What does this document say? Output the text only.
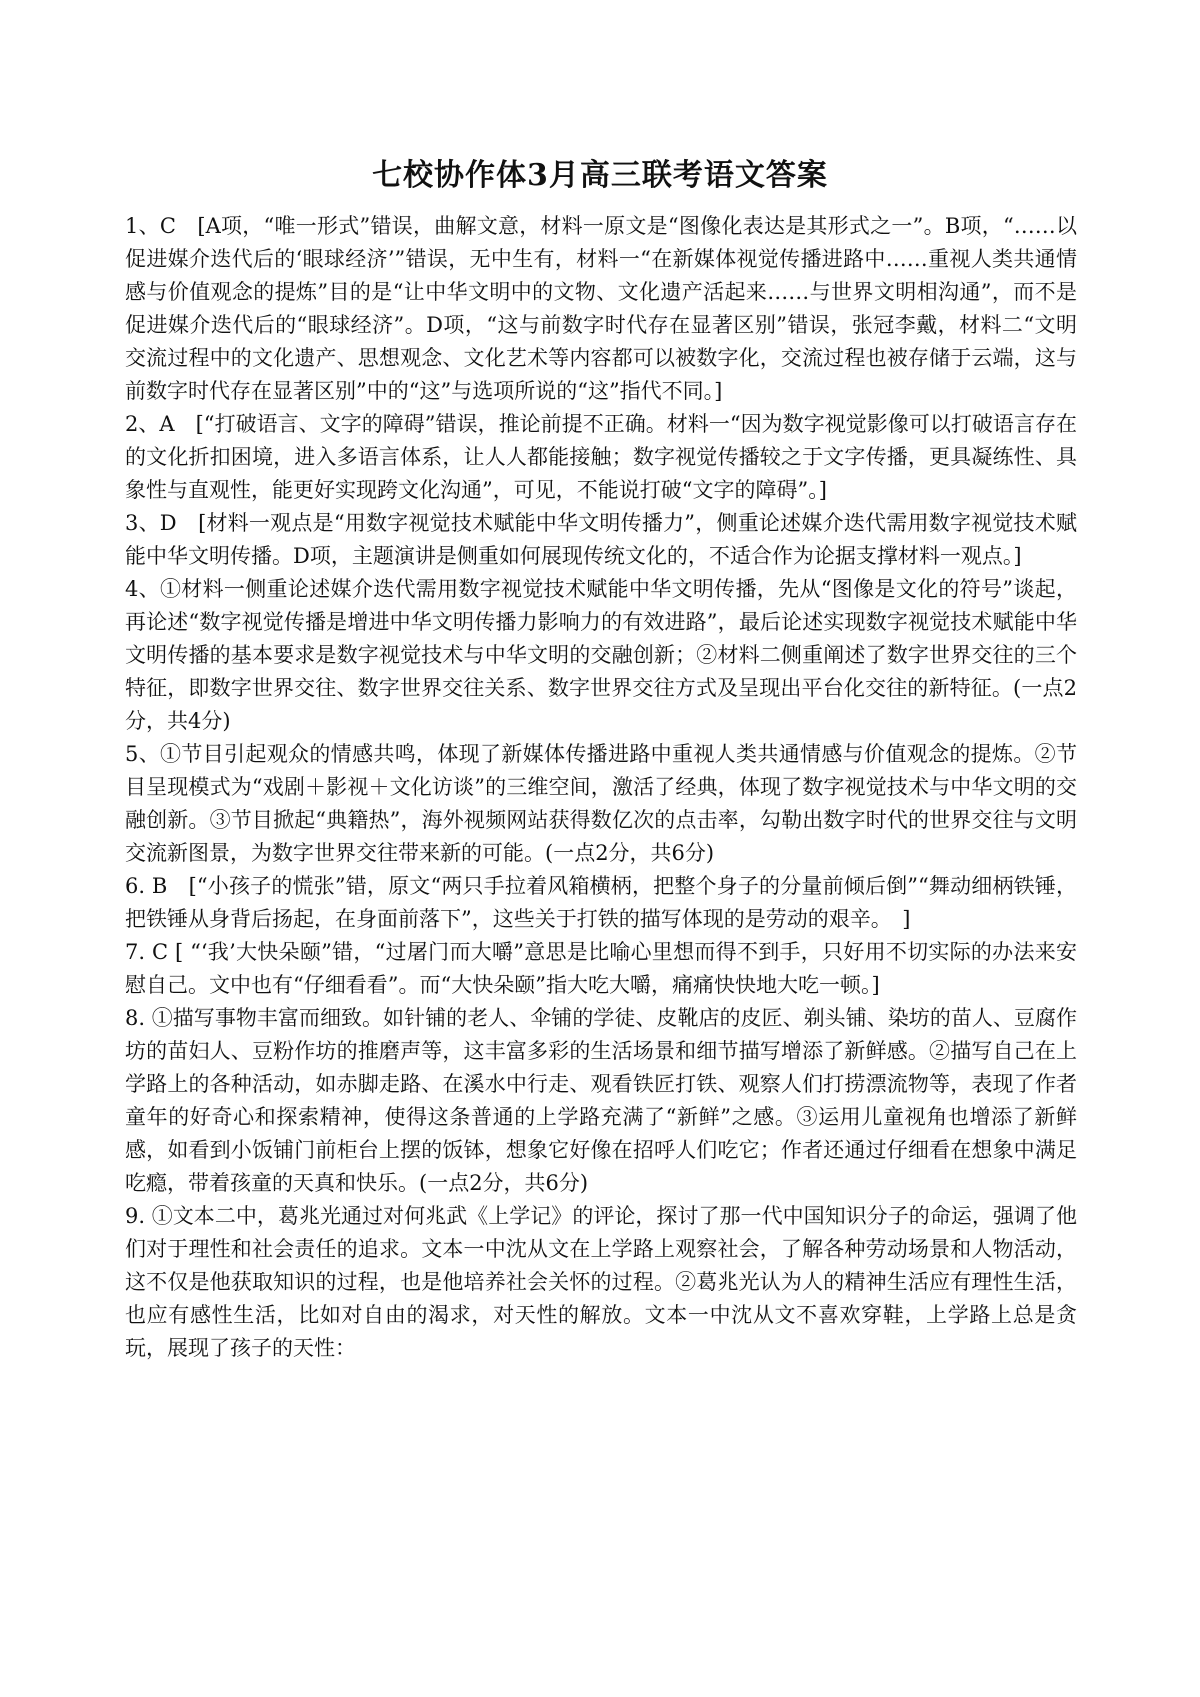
七校协作体3月高三联考语文答案

1、C　[A项，“唯一形式”错误，曲解文意，材料一原文是“图像化表达是其形式之一”。B项，“……以促进媒介迭代后的‘眼球经济’”错误，无中生有，材料一“在新媒体视觉传播进路中……重视人类共通情感与价值观念的提炼”目的是“让中华文明中的文物、文化遗产活起来……与世界文明相沟通”，而不是促进媒介迭代后的“眼球经济”。D项，“这与前数字时代存在显著区别”错误，张冠李戴，材料二“文明交流过程中的文化遗产、思想观念、文化艺术等内容都可以被数字化，交流过程也被存储于云端，这与前数字时代存在显著区别”中的“这”与选项所说的“这”指代不同。]

2、A　[“打破语言、文字的障碍”错误，推论前提不正确。材料一“因为数字视觉影像可以打破语言存在的文化折扣困境，进入多语言体系，让人人都能接触；数字视觉传播较之于文字传播，更具凝练性、具象性与直观性，能更好实现跨文化沟通”，可见，不能说打破“文字的障碍”。]

3、D　[材料一观点是“用数字视觉技术赋能中华文明传播力”，侧重论述媒介迭代需用数字视觉技术赋能中华文明传播。D项，主题演讲是侧重如何展现传统文化的，不适合作为论据支撑材料一观点。]

4、①材料一侧重论述媒介迭代需用数字视觉技术赋能中华文明传播，先从“图像是文化的符号”谈起，再论述“数字视觉传播是增进中华文明传播力影响力的有效进路”，最后论述实现数字视觉技术赋能中华文明传播的基本要求是数字视觉技术与中华文明的交融创新；②材料二侧重阐述了数字世界交往的三个特征，即数字世界交往、数字世界交往关系、数字世界交往方式及呈现出平台化交往的新特征。(一点2分，共4分)

5、①节目引起观众的情感共鸣，体现了新媒体传播进路中重视人类共通情感与价值观念的提炼。②节目呈现模式为“戏剧＋影视＋文化访谈”的三维空间，激活了经典，体现了数字视觉技术与中华文明的交融创新。③节目掀起“典籍热”，海外视频网站获得数亿次的点击率，勾勒出数字时代的世界交往与文明交流新图景，为数字世界交往带来新的可能。(一点2分，共6分)

6. B　[“小孩子的慌张”错，原文“两只手拉着风箱横柄，把整个身子的分量前倾后倒”“舞动细柄铁锤，把铁锤从身背后扬起，在身面前落下”，这些关于打铁的描写体现的是劳动的艰辛。　]

7. C [ “‘我’大快朵颐”错，“过屠门而大嚼”意思是比喻心里想而得不到手，只好用不切实际的办法来安慰自己。文中也有“仔细看看”。而“大快朵颐”指大吃大嚼，痛痛快快地大吃一顿。]

8. ①描写事物丰富而细致。如针铺的老人、伞铺的学徒、皮靴店的皮匠、剃头铺、染坊的苗人、豆腐作坊的苗妇人、豆粉作坊的推磨声等，这丰富多彩的生活场景和细节描写增添了新鲜感。②描写自己在上学路上的各种活动，如赤脚走路、在溪水中行走、观看铁匠打铁、观察人们打捞漂流物等，表现了作者童年的好奇心和探索精神，使得这条普通的上学路充满了“新鲜”之感。③运用儿童视角也增添了新鲜感，如看到小饭铺门前柜台上摆的饭钵，想象它好像在招呼人们吃它；作者还通过仔细看在想象中满足吃瘾，带着孩童的天真和快乐。(一点2分，共6分)

9. ①文本二中，葛兆光通过对何兆武《上学记》的评论，探讨了那一代中国知识分子的命运，强调了他们对于理性和社会责任的追求。文本一中沈从文在上学路上观察社会，了解各种劳动场景和人物活动，这不仅是他获取知识的过程，也是他培养社会关怀的过程。②葛兆光认为人的精神生活应有理性生活，也应有感性生活，比如对自由的渴求，对天性的解放。文本一中沈从文不喜欢穿鞋，上学路上总是贪玩，展现了孩子的天性：
